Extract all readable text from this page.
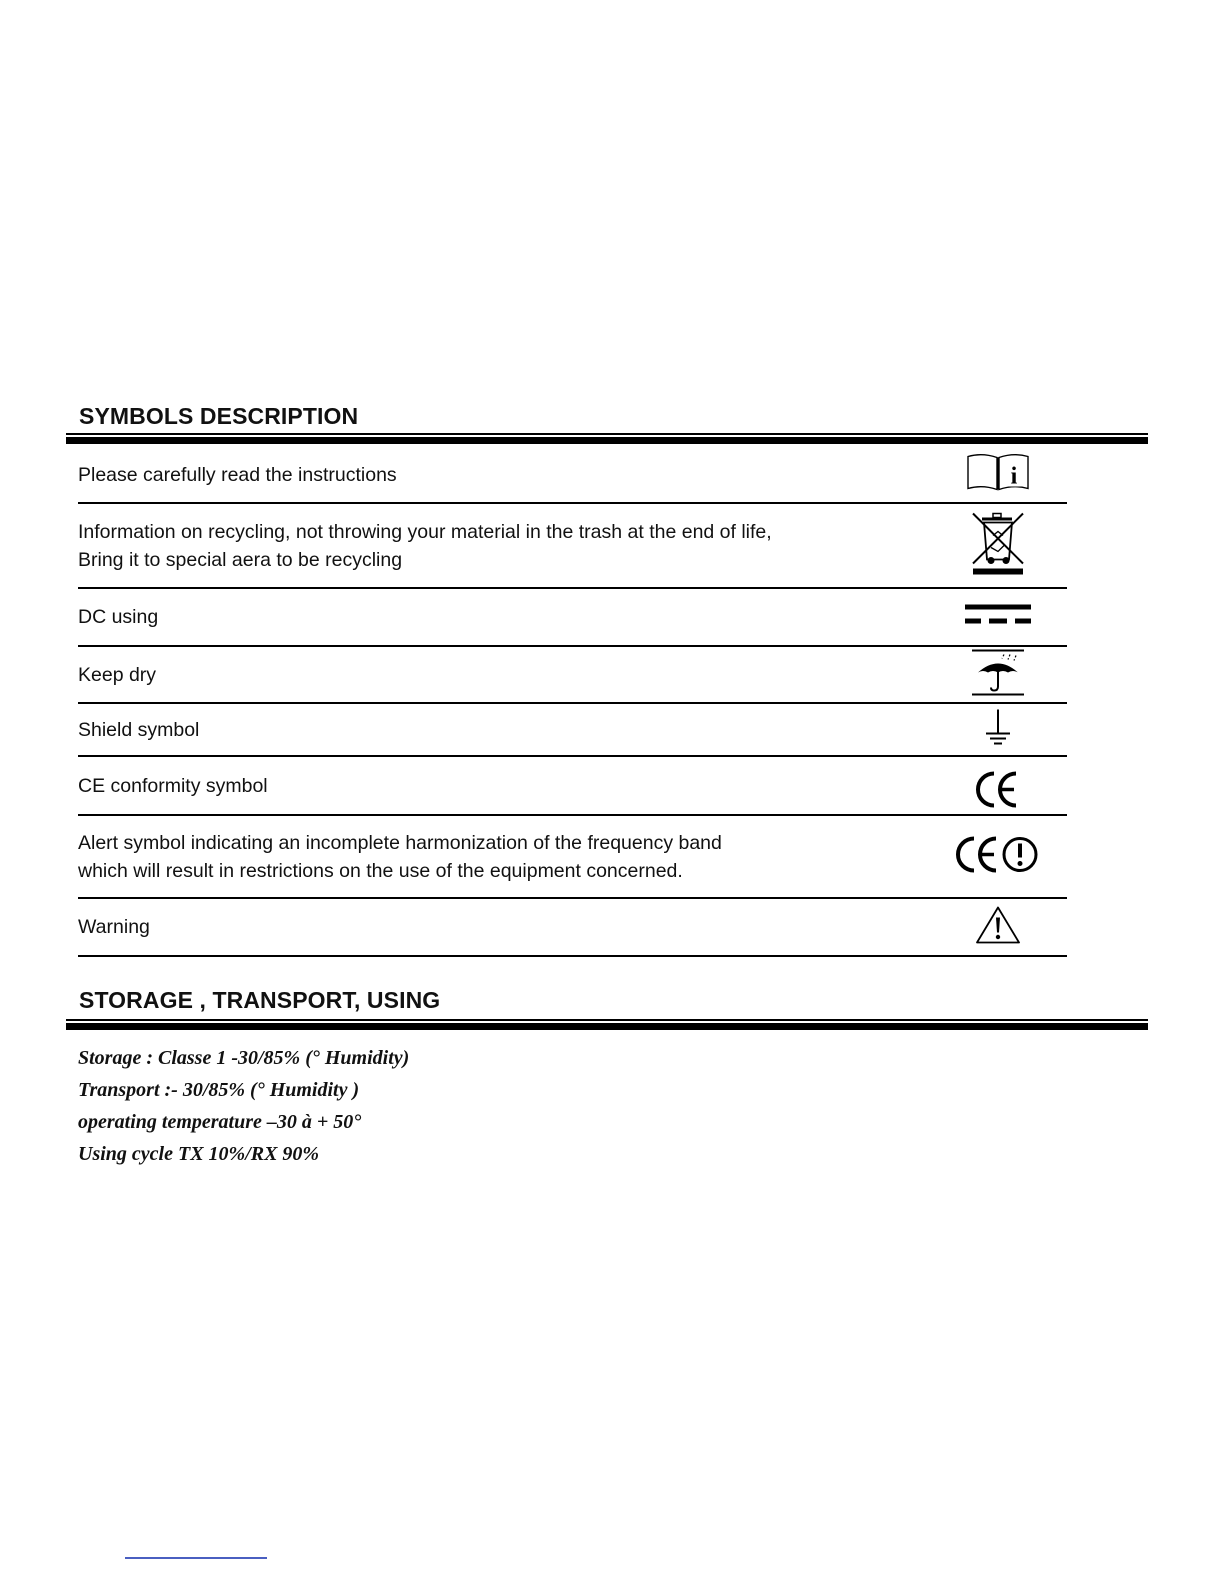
SYMBOLS DESCRIPTION
Please carefully read the instructions	i
Information on recycling, not throwing your material in the trash at the end of life,
Bring it to special aera to be recycling
DC using
Keep dry
Shield symbol
CE conformity symbol
Alert symbol indicating an incomplete harmonization of the frequency band
which will result in restrictions on the use of the equipment concerned.
Warning
STORAGE , TRANSPORT, USING
Storage : Classe 1 -30/85% (° Humidity)
Transport :- 30/85% (° Humidity )
operating temperature –30 à + 50°
Using cycle TX 10%/RX 90%
